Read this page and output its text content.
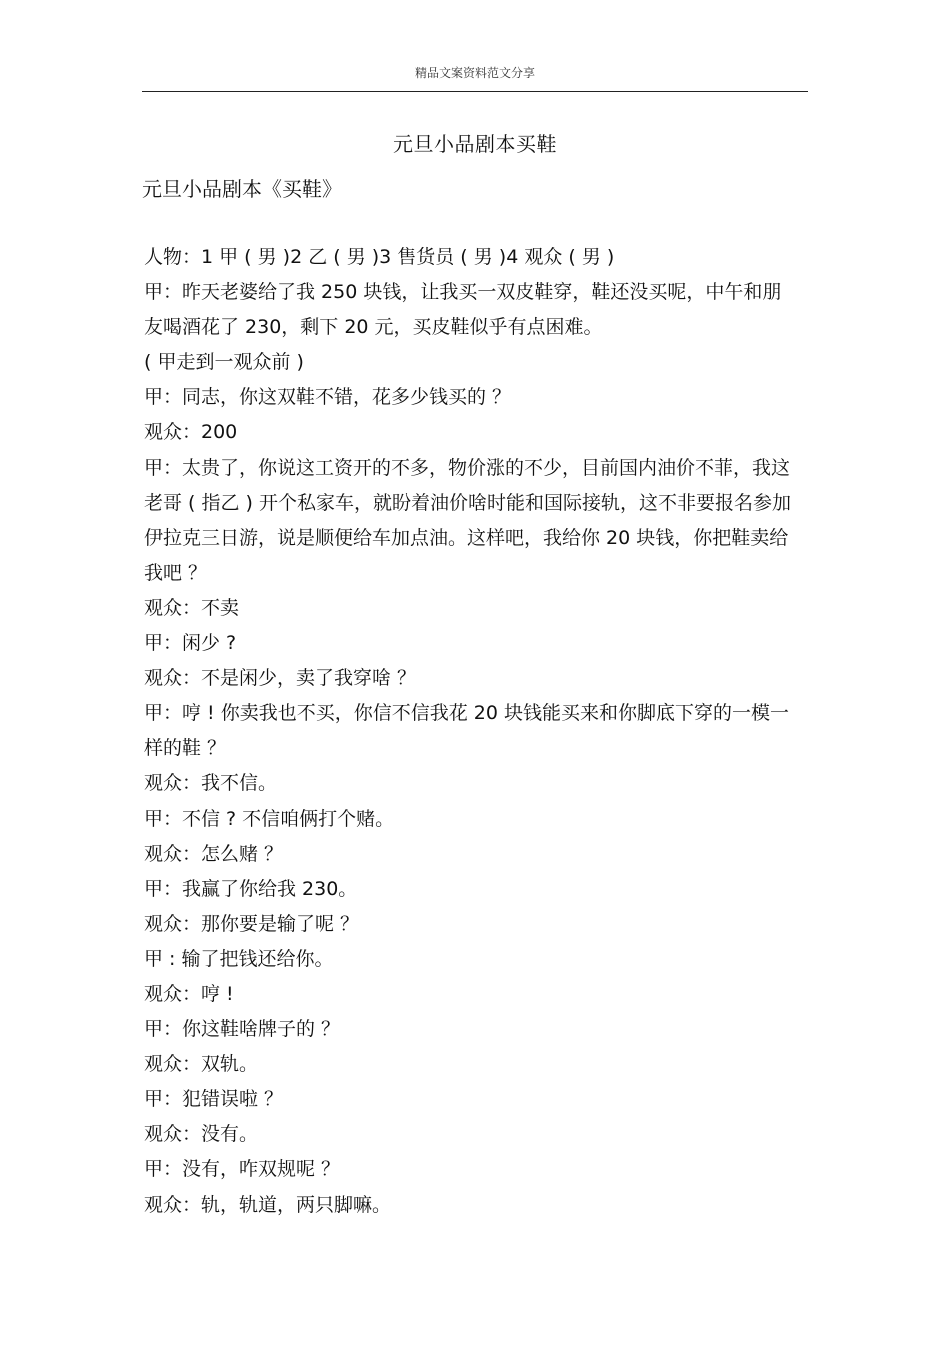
精品文案资料范文分享
元旦小品剧本买鞋
元旦小品剧本《买鞋》

人物：1 甲 ( 男 )2 乙 ( 男 )3 售货员 ( 男 )4 观众 ( 男 )

甲：昨天老婆给了我 250 块钱，让我买一双皮鞋穿，鞋还没买呢，中午和朋友喝酒花了 230，剩下 20 元，买皮鞋似乎有点困难。

( 甲走到一观众前 )

甲：同志，你这双鞋不错，花多少钱买的 ？

观众：200

甲：太贵了，你说这工资开的不多，物价涨的不少，目前国内油价不菲，我这老哥 ( 指乙 ) 开个私家车，就盼着油价啥时能和国际接轨，这不非要报名参加伊拉克三日游，说是顺便给车加点油。这样吧，我给你 20 块钱，你把鞋卖给我吧 ？

观众：不卖

甲：闲少 ?

观众：不是闲少，卖了我穿啥 ？

甲：哼 ! 你卖我也不买，你信不信我花 20 块钱能买来和你脚底下穿的一模一样的鞋 ？

观众：我不信。

甲：不信 ? 不信咱俩打个赌。

观众：怎么赌 ？

甲：我赢了你给我 230。

观众：那你要是输了呢 ？

甲 : 输了把钱还给你。

观众：哼 !

甲：你这鞋啥牌子的 ？

观众：双轨。

甲：犯错误啦 ？

观众：没有。

甲：没有，咋双规呢 ？

观众：轨，轨道，两只脚嘛。
